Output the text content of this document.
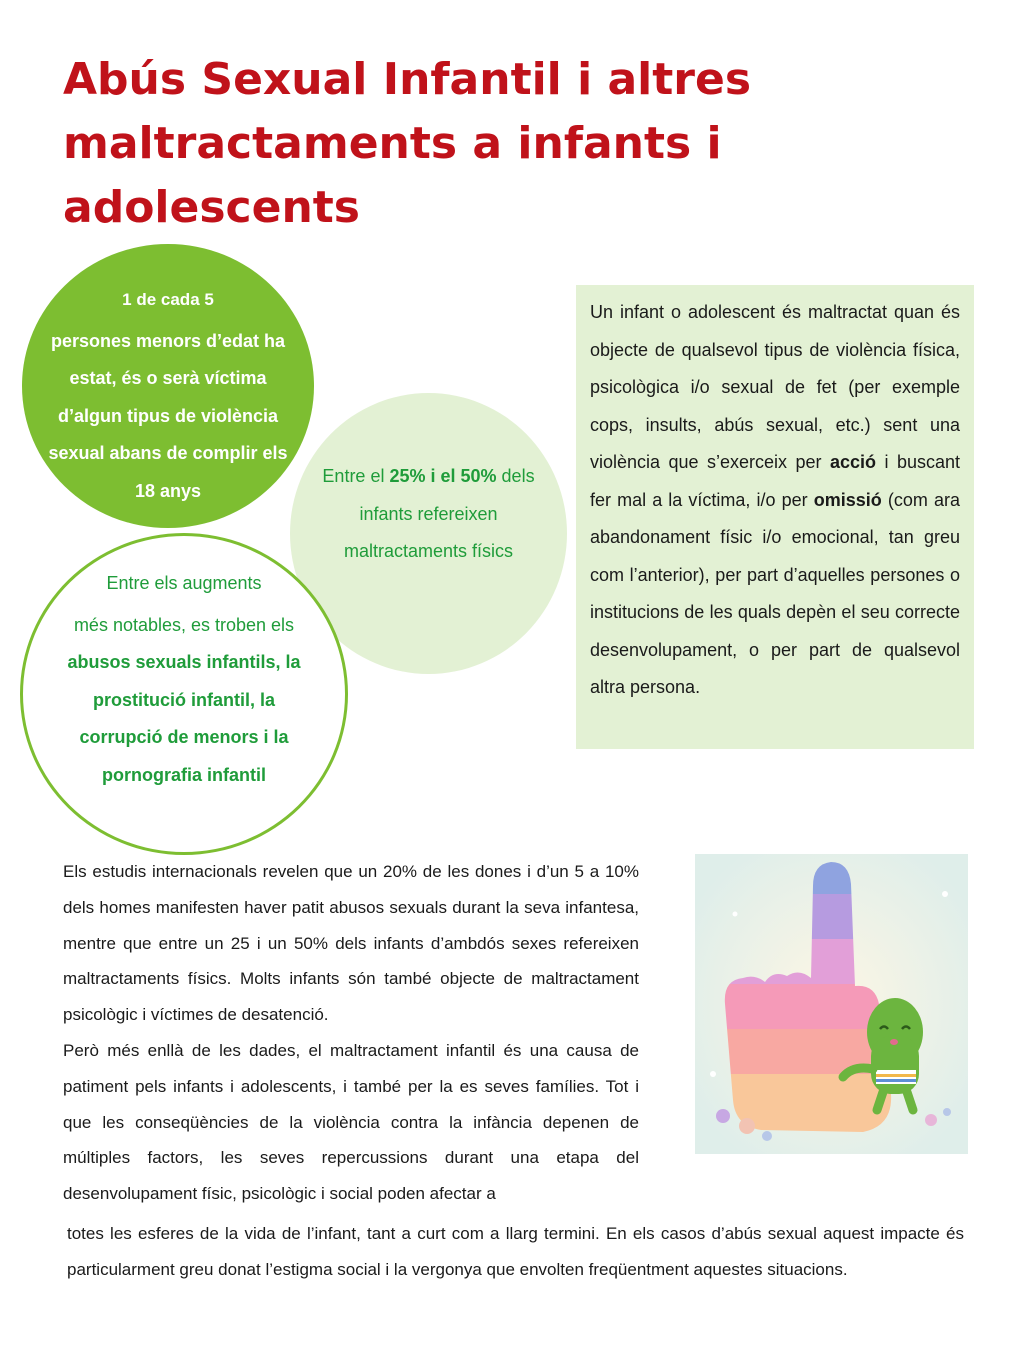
Abús Sexual Infantil i altres maltractaments a infants i adolescents
1 de cada 5
persones menors d’edat ha estat, és o serà víctima d’algun tipus de violència sexual abans de complir els 18 anys
Entre el 25% i el 50% dels infants refereixen maltractaments físics
Entre els augments
més notables, es troben els abusos sexuals infantils, la prostitució infantil, la corrupció de menors i la pornografia infantil

Un infant o adolescent és maltractat quan és objecte de qualsevol tipus de violència física, psicològica i/o sexual de fet (per exemple cops, insults, abús sexual, etc.) sent una violència que s’exerceix per acció i buscant fer mal a la víctima, i/o per omissió (com ara abandonament físic i/o emocional, tan greu com l’anterior), per part d’aquelles persones o institucions de les quals depèn el seu correcte desenvolupament, o per part de qualsevol altra persona.

Els estudis internacionals revelen que un 20% de les dones i d’un 5 a 10% dels homes manifesten haver patit abusos sexuals durant la seva infantesa, mentre que entre un 25 i un 50% dels infants d’ambdós sexes refereixen maltractaments físics. Molts infants són també objecte de maltractament psicològic i víctimes de desatenció.

Però més enllà de les dades, el maltractament infantil és una causa de patiment pels infants i adolescents, i també per la es seves famílies. Tot i que les conseqüències de la violència contra la infància depenen de múltiples factors, les seves repercussions durant una etapa del desenvolupament físic, psicològic i social poden afectar a

totes les esferes de la vida de l’infant, tant a curt com a llarg termini. En els casos d’abús sexual aquest impacte és particularment greu donat l’estigma social i la vergonya que envolten freqüentment aquestes situacions.
